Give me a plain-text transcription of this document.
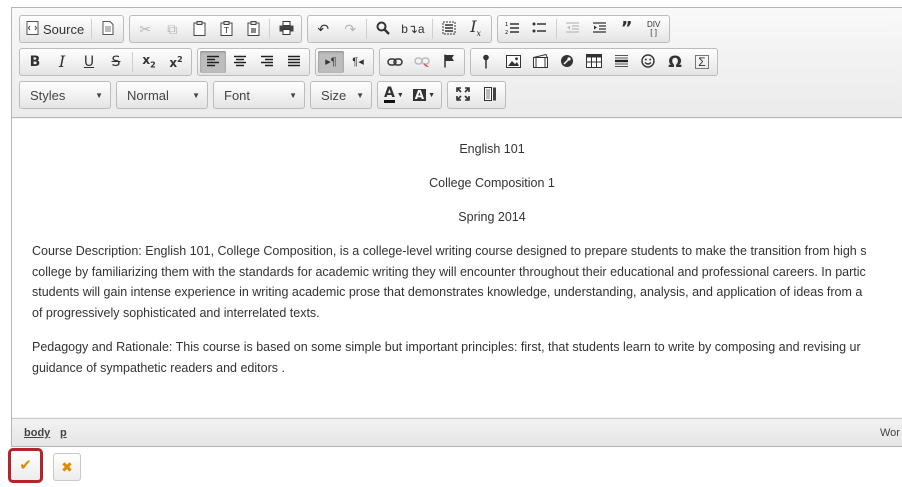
Source	✂ ⧉	T	↶ ↷	b↴a	$I_x$
1
2	” DIV
[ ]
B I U S $x_2$ $x^2$	▸¶ ¶◂	Ω Σ
Styles	▼ Normal	▼ Font	▼ Size ▼ A ▼ A ▼
English 101
College Composition 1
Spring 2014
Course Description: English 101, College Composition, is a college-level writing course designed to prepare students to make the transition from high s
college by familiarizing them with the standards for academic writing they will encounter throughout their educational and professional careers. In partic
students will gain intense experience in writing academic prose that demonstrates knowledge, understanding, analysis, and application of ideas from a
of progressively sophisticated and interrelated texts.
Pedagogy and Rationale: This course is based on some simple but important principles: first, that students learn to write by composing and revising ur
guidance of sympathetic readers and editors .
body p	Wor
✔ ✖
